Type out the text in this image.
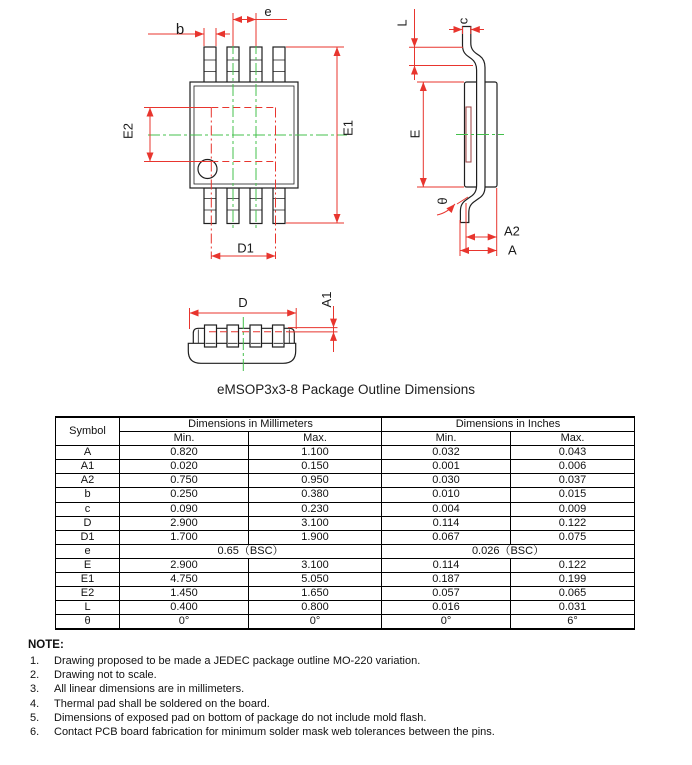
b
e
E2	E1
D1
c
L
E
θ
A2
A
D	A1
eMSOP3x3-8 Package Outline Dimensions
Symbol	Dimensions in Millimeters		Dimensions in Inches	
	Min.	Max.	Min.	Max.
A	0.820	1.100	0.032	0.043
A1	0.020	0.150	0.001	0.006
A2	0.750	0.950	0.030	0.037
b	0.250	0.380	0.010	0.015
c	0.090	0.230	0.004	0.009
D	2.900	3.100	0.114	0.122
D1	1.700	1.900	0.067	0.075
e	0.65（BSC）		0.026（BSC）	
E	2.900	3.100	0.114	0.122
E1	4.750	5.050	0.187	0.199
E2	1.450	1.650	0.057	0.065
L	0.400	0.800	0.016	0.031
θ	0°	0°	0°	6°
NOTE:
1.	Drawing proposed to be made a JEDEC package outline MO-220 variation.
2.	Drawing not to scale.
3.	All linear dimensions are in millimeters.
4.	Thermal pad shall be soldered on the board.
5.	Dimensions of exposed pad on bottom of package do not include mold flash.
6.	Contact PCB board fabrication for minimum solder mask web tolerances between the pins.
